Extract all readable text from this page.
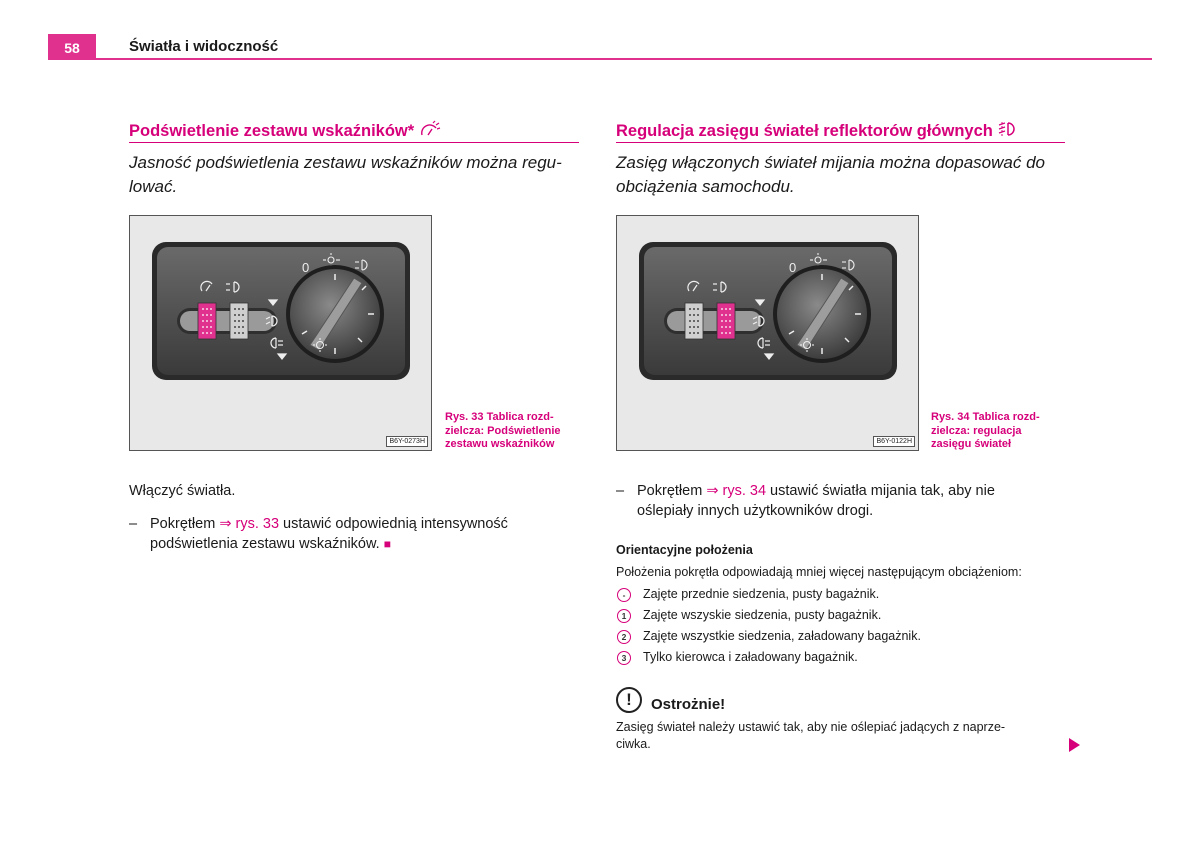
58	Światła i widoczność
Podświetlenie zestawu wskaźników*
Jasność podświetlenia zestawu wskaźników można regu-
lować.
0
B6Y-0273H
Rys. 33 Tablica rozd-
zielcza: Podświetlenie
zestawu wskaźników
Włączyć światła.
– Pokrętłem ⇒ rys. 33 ustawić odpowiednią intensywność
podświetlenia zestawu wskaźników. ■
Regulacja zasięgu świateł reflektorów głównych
Zasięg włączonych świateł mijania można dopasować do
obciążenia samochodu.
0
B6Y-0122H
Rys. 34 Tablica rozd-
zielcza: regulacja
zasięgu świateł
– Pokrętłem ⇒ rys. 34 ustawić światła mijania tak, aby nie
oślepiały innych użytkowników drogi.
Orientacyjne położenia
Położenia pokrętła odpowiadają mniej więcej następującym obciążeniom:
-	Zajęte przednie siedzenia, pusty bagażnik.
1	Zajęte wszyskie siedzenia, pusty bagażnik.
2	Zajęte wszystkie siedzenia, załadowany bagażnik.
3	Tylko kierowca i załadowany bagażnik.
!	Ostrożnie!
Zasięg świateł należy ustawić tak, aby nie oślepiać jadących z naprze-
ciwka.
